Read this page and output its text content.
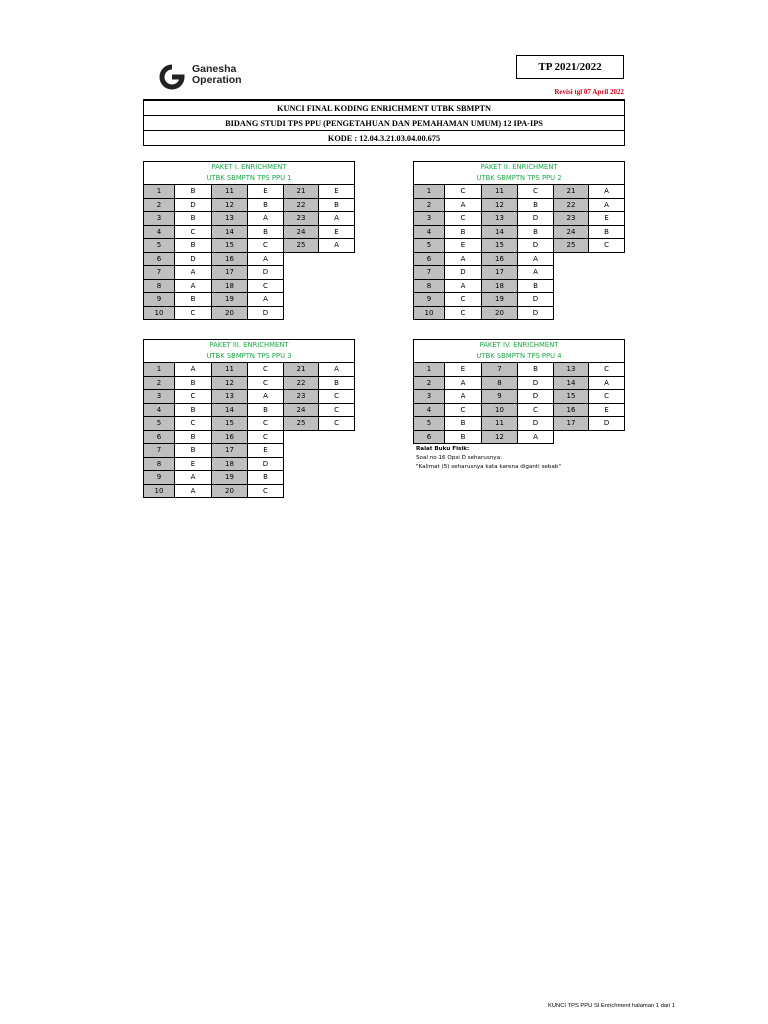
Ganesha
Operation
TP 2021/2022
Revisi tgl 07 April 2022
KUNCI FINAL KODING ENRICHMENT UTBK SBMPTN
BIDANG STUDI TPS PPU (PENGETAHUAN DAN PEMAHAMAN UMUM) 12 IPA-IPS
KODE : 12.04.3.21.03.04.00.675
PAKET I. ENRICHMENT					
UTBK SBMPTN TPS PPU 1					
1	B	11	E	21	E
2	D	12	B	22	B
3	B	13	A	23	A
4	C	14	B	24	E
5	B	15	C	25	A
6	D	16	A		
7	A	17	D		
8	A	18	C		
9	B	19	A		
10	C	20	D		
PAKET II. ENRICHMENT					
UTBK SBMPTN TPS PPU 2					
1	C	11	C	21	A
2	A	12	B	22	A
3	C	13	D	23	E
4	B	14	B	24	B
5	E	15	D	25	C
6	A	16	A		
7	D	17	A		
8	A	18	B		
9	C	19	D		
10	C	20	D		
PAKET III. ENRICHMENT					
UTBK SBMPTN TPS PPU 3					
1	A	11	C	21	A
2	B	12	C	22	B
3	C	13	A	23	C
4	B	14	B	24	C
5	C	15	C	25	C
6	B	16	C		
7	B	17	E		
8	E	18	D		
9	A	19	B		
10	A	20	C		
PAKET IV. ENRICHMENT					
UTBK SBMPTN TPS PPU 4					
1	E	7	B	13	C
2	A	8	D	14	A
3	A	9	D	15	C
4	C	10	C	16	E
5	B	11	D	17	D
6	B	12	A		
Ralat Buku Fisik:
Soal no 16 Opsi D seharusnya:
"Kalimat (5) seharusnya kata karena diganti sebab"
KUNCI TPS PPU SI Enrichment halaman 1 dari 1
